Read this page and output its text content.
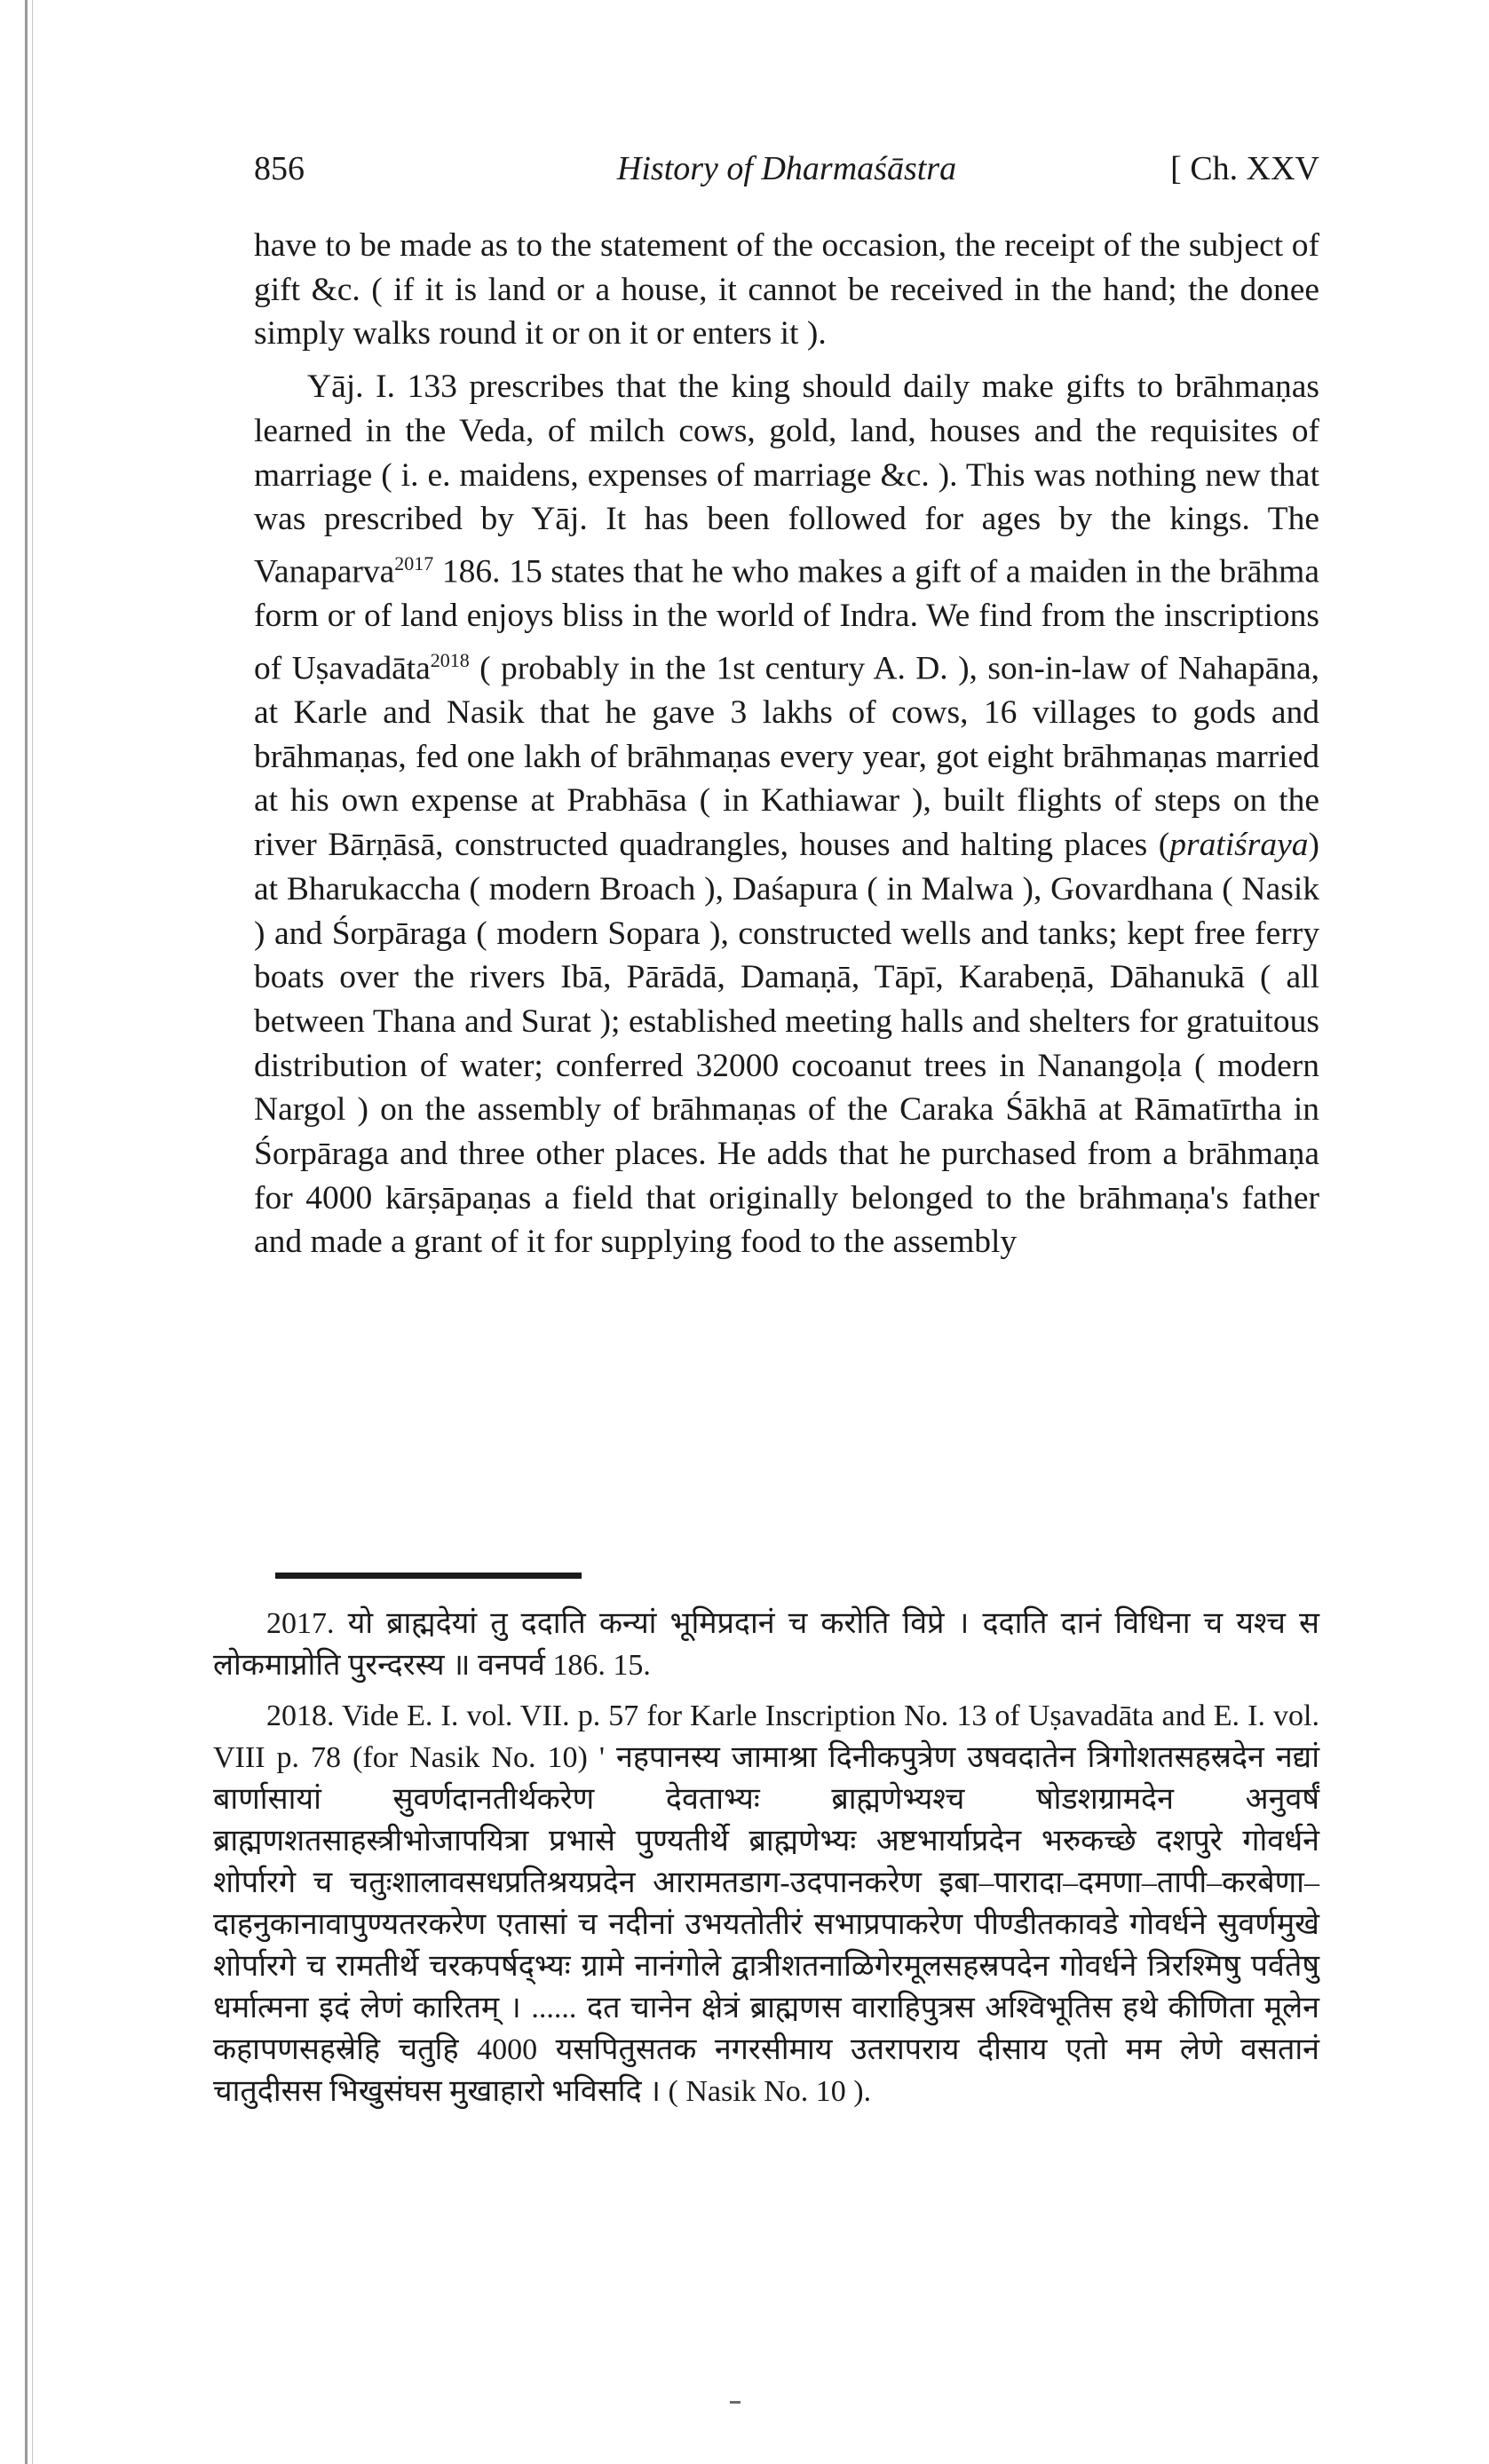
856	History of Dharmaśāstra	[ Ch. XXV

have to be made as to the statement of the occasion, the receipt of the subject of gift &c. ( if it is land or a house, it cannot be received in the hand; the donee simply walks round it or on it or enters it ).

Yāj. I. 133 prescribes that the king should daily make gifts to brāhmaṇas learned in the Veda, of milch cows, gold, land, houses and the requisites of marriage ( i. e. maidens, expenses of marriage &c. ). This was nothing new that was prescribed by Yāj. It has been followed for ages by the kings. The Vanaparva$^{2017}$ 186. 15 states that he who makes a gift of a maiden in the brāhma form or of land enjoys bliss in the world of Indra. We find from the inscriptions of Uṣavadāta$^{2018}$ ( probably in the 1st century A. D. ), son-in-law of Nahapāna, at Karle and Nasik that he gave 3 lakhs of cows, 16 villages to gods and brāhmaṇas, fed one lakh of brāhmaṇas every year, got eight brāhmaṇas married at his own expense at Prabhāsa ( in Kathiawar ), built flights of steps on the river Bārṇāsā, constructed quadrangles, houses and halting places (pratiśraya) at Bharukaccha ( modern Broach ), Daśapura ( in Malwa ), Govardhana ( Nasik ) and Śorpāraga ( modern Sopara ), constructed wells and tanks; kept free ferry boats over the rivers Ibā, Pārādā, Damaṇā, Tāpī, Karabeṇā, Dāhanukā ( all between Thana and Surat ); established meeting halls and shelters for gratuitous distribution of water; conferred 32000 cocoanut trees in Nanangoḷa ( modern Nargol ) on the assembly of brāhmaṇas of the Caraka Śākhā at Rāmatīrtha in Śorpāraga and three other places. He adds that he purchased from a brāhmaṇa for 4000 kārṣāpaṇas a field that originally belonged to the brāhmaṇa's father and made a grant of it for supplying food to the assembly

2017. यो ब्राह्मदेयां तु ददाति कन्यां भूमिप्रदानं च करोति विप्रे । ददाति दानं विधिना च यश्च स लोकमाप्नोति पुरन्दरस्य ॥ वनपर्व 186. 15.

2018. Vide E. I. vol. VII. p. 57 for Karle Inscription No. 13 of Uṣavadāta and E. I. vol. VIII p. 78 (for Nasik No. 10) ' नहपानस्य जामाश्रा दिनीकपुत्रेण उषवदातेन त्रिगोशतसहस्रदेन नद्यां बार्णासायां सुवर्णदानतीर्थकरेण देवताभ्यः ब्राह्मणेभ्यश्च षोडशग्रामदेन अनुवर्षं ब्राह्मणशतसाहस्त्रीभोजापयित्रा प्रभासे पुण्यतीर्थे ब्राह्मणेभ्यः अष्टभार्याप्रदेन भरुकच्छे दशपुरे गोवर्धने शोर्पारगे च चतुःशालावसधप्रतिश्रयप्रदेन आरामतडाग-उदपानकरेण इबा–पारादा–दमणा–तापी–करबेणा–दाहनुकानावापुण्यतरकरेण एतासां च नदीनां उभयतोतीरं सभाप्रपाकरेण पीण्डीतकावडे गोवर्धने सुवर्णमुखे शोर्पारगे च रामतीर्थे चरकपर्षद्भ्यः ग्रामे नानंगोले द्वात्रीशतनाळिगेरमूलसहस्रपदेन गोवर्धने त्रिरश्मिषु पर्वतेषु धर्मात्मना इदं लेणं कारितम् । ...... दत चानेन क्षेत्रं ब्राह्मणस वाराहिपुत्रस अश्विभूतिस हथे कीणिता मूलेन कहापणसहस्रेहि चतुहि 4000 यसपितुसतक नगरसीमाय उतरापराय दीसाय एतो मम लेणे वसतानं चातुदीसस भिखुसंघस मुखाहारो भविसदि । ( Nasik No. 10 ).
